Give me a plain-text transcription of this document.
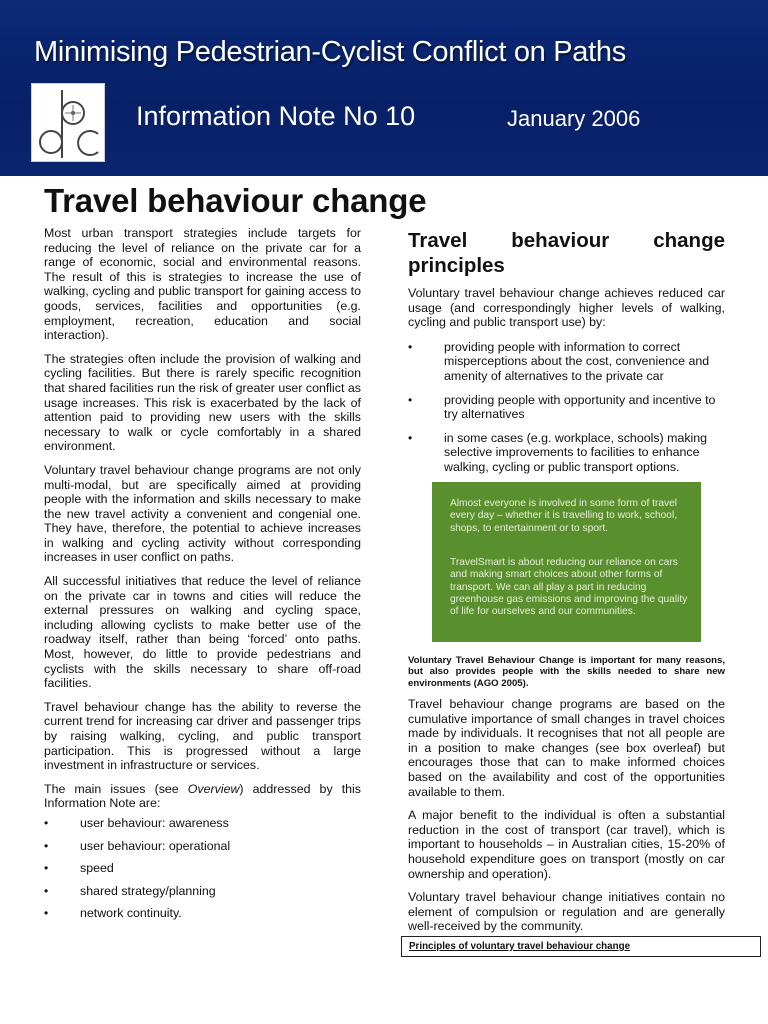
Minimising Pedestrian-Cyclist Conflict on Paths
Information Note No 10	January 2006
Travel behaviour change

Most urban transport strategies include targets for reducing the level of reliance on the private car for a range of economic, social and environmental reasons. The result of this is strategies to increase the use of walking, cycling and public transport for gaining access to goods, services, facilities and opportunities (e.g. employment, recreation, education and social interaction).

The strategies often include the provision of walking and cycling facilities. But there is rarely specific recognition that shared facilities run the risk of greater user conflict as usage increases. This risk is exacerbated by the lack of attention paid to providing new users with the skills necessary to walk or cycle comfortably in a shared environment.

Voluntary travel behaviour change programs are not only multi-modal, but are specifically aimed at providing people with the information and skills necessary to make the new travel activity a convenient and congenial one. They have, therefore, the potential to achieve increases in walking and cycling activity without corresponding increases in user conflict on paths.

All successful initiatives that reduce the level of reliance on the private car in towns and cities will reduce the external pressures on walking and cycling space, including allowing cyclists to make better use of the roadway itself, rather than being ‘forced’ onto paths. Most, however, do little to provide pedestrians and cyclists with the skills necessary to share off-road facilities.

Travel behaviour change has the ability to reverse the current trend for increasing car driver and passenger trips by raising walking, cycling, and public transport participation. This is progressed without a large investment in infrastructure or services.

The main issues (see Overview) addressed by this Information Note are:

•	user behaviour: awareness
•	user behaviour: operational
•	speed
•	shared strategy/planning
•	network continuity.
Travel behaviour change
principles

Voluntary travel behaviour change achieves reduced car usage (and correspondingly higher levels of walking, cycling and public transport use) by:

•	providing people with information to correct misperceptions about the cost, convenience and amenity of alternatives to the private car
•	providing people with opportunity and incentive to try alternatives
•	in some cases (e.g. workplace, schools) making selective improvements to facilities to enhance walking, cycling or public transport options.
Almost everyone is involved in some form of travel every day – whether it is travelling to work, school, shops, to entertainment or to sport.
TravelSmart is about reducing our reliance on cars and making smart choices about other forms of transport. We can all play a part in reducing greenhouse gas emissions and improving the quality of life for ourselves and our communities.
Voluntary Travel Behaviour Change is important for many reasons, but also provides people with the skills needed to share new environments (AGO 2005).

Travel behaviour change programs are based on the cumulative importance of small changes in travel choices made by individuals. It recognises that not all people are in a position to make changes (see box overleaf) but encourages those that can to make informed choices based on the availability and cost of the opportunities available to them.

A major benefit to the individual is often a substantial reduction in the cost of transport (car travel), which is important to households – in Australian cities, 15-20% of household expenditure goes on transport (mostly on car ownership and operation).

Voluntary travel behaviour change initiatives contain no element of compulsion or regulation and are generally well-received by the community.

Principles of voluntary travel behaviour change
